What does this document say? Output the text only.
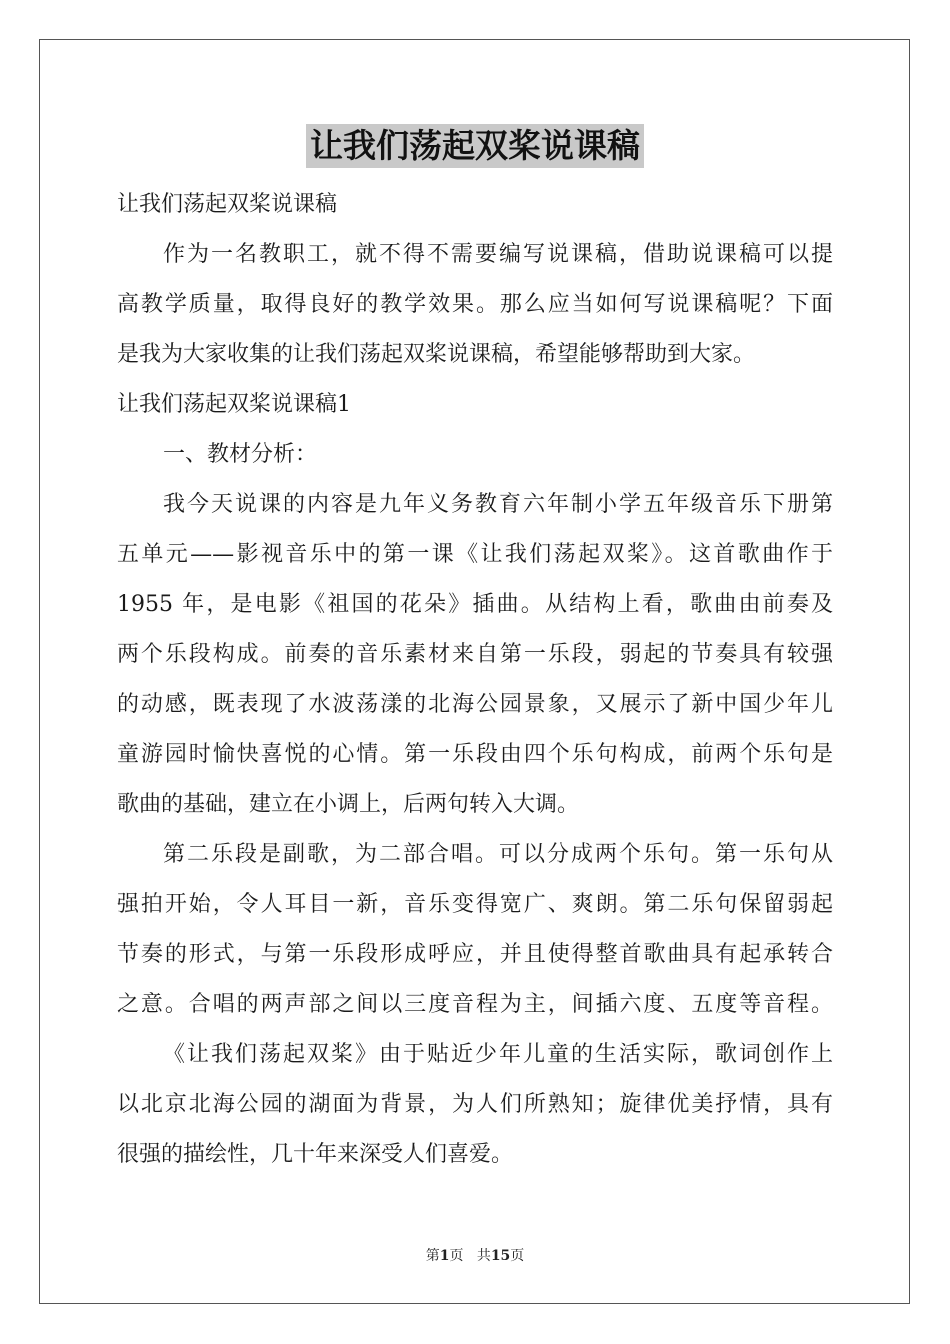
让我们荡起双桨说课稿
让我们荡起双桨说课稿
作为一名教职工，就不得不需要编写说课稿，借助说课稿可以提
高教学质量，取得良好的教学效果。那么应当如何写说课稿呢？下面
是我为大家收集的让我们荡起双桨说课稿，希望能够帮助到大家。
让我们荡起双桨说课稿1
一、教材分析：
我今天说课的内容是九年义务教育六年制小学五年级音乐下册第
五单元——影视音乐中的第一课《让我们荡起双桨》。这首歌曲作于
1955 年，是电影《祖国的花朵》插曲。从结构上看，歌曲由前奏及
两个乐段构成。前奏的音乐素材来自第一乐段，弱起的节奏具有较强
的动感，既表现了水波荡漾的北海公园景象，又展示了新中国少年儿
童游园时愉快喜悦的心情。第一乐段由四个乐句构成，前两个乐句是
歌曲的基础，建立在小调上，后两句转入大调。
第二乐段是副歌，为二部合唱。可以分成两个乐句。第一乐句从
强拍开始，令人耳目一新，音乐变得宽广、爽朗。第二乐句保留弱起
节奏的形式，与第一乐段形成呼应，并且使得整首歌曲具有起承转合
之意。合唱的两声部之间以三度音程为主，间插六度、五度等音程。
《让我们荡起双桨》由于贴近少年儿童的生活实际，歌词创作上
以北京北海公园的湖面为背景，为人们所熟知；旋律优美抒情，具有
很强的描绘性，几十年来深受人们喜爱。
第1页 共15页
